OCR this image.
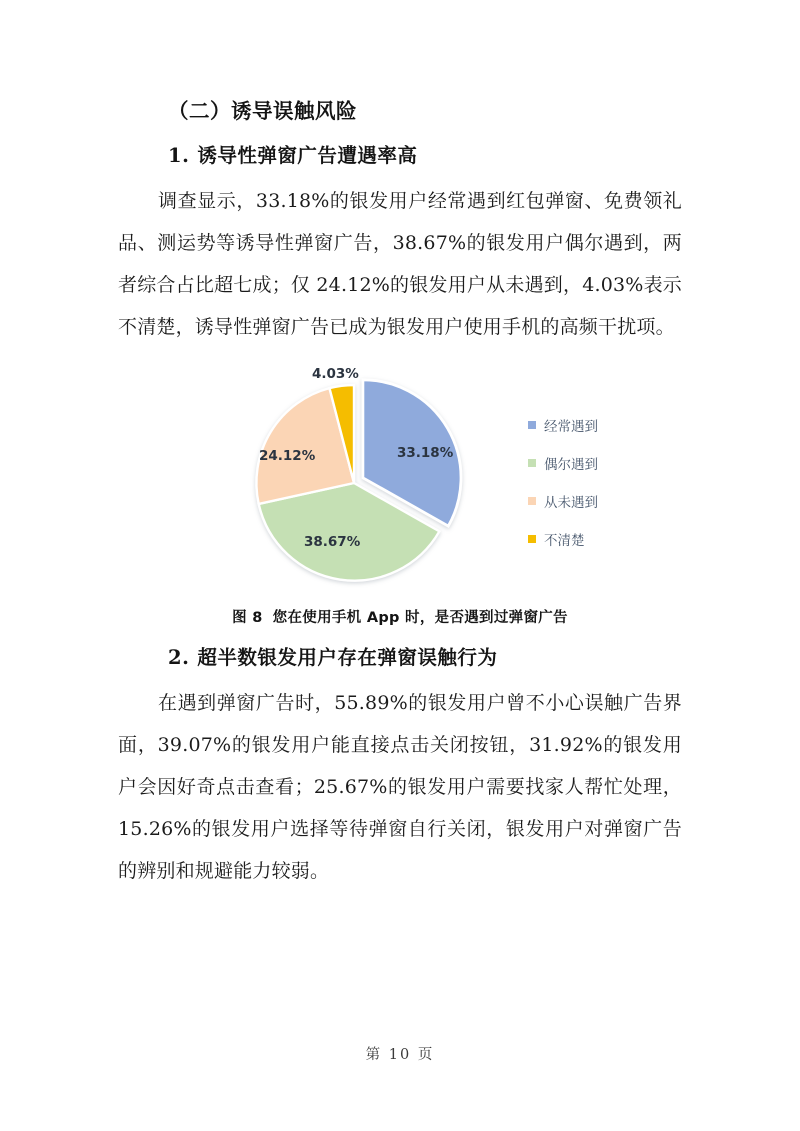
（二）诱导误触风险
1. 诱导性弹窗广告遭遇率高

调查显示，33.18%的银发用户经常遇到红包弹窗、免费领礼品、测运势等诱导性弹窗广告，38.67%的银发用户偶尔遇到，两者综合占比超七成；仅 24.12%的银发用户从未遇到，4.03%表示不清楚，诱导性弹窗广告已成为银发用户使用手机的高频干扰项。

33.18%
38.67%
24.12%
4.03%
经常遇到
偶尔遇到
从未遇到
不清楚
图 8 您在使用手机 App 时，是否遇到过弹窗广告
2. 超半数银发用户存在弹窗误触行为

在遇到弹窗广告时，55.89%的银发用户曾不小心误触广告界面，39.07%的银发用户能直接点击关闭按钮，31.92%的银发用户会因好奇点击查看；25.67%的银发用户需要找家人帮忙处理，15.26%的银发用户选择等待弹窗自行关闭，银发用户对弹窗广告的辨别和规避能力较弱。

第 10 页
